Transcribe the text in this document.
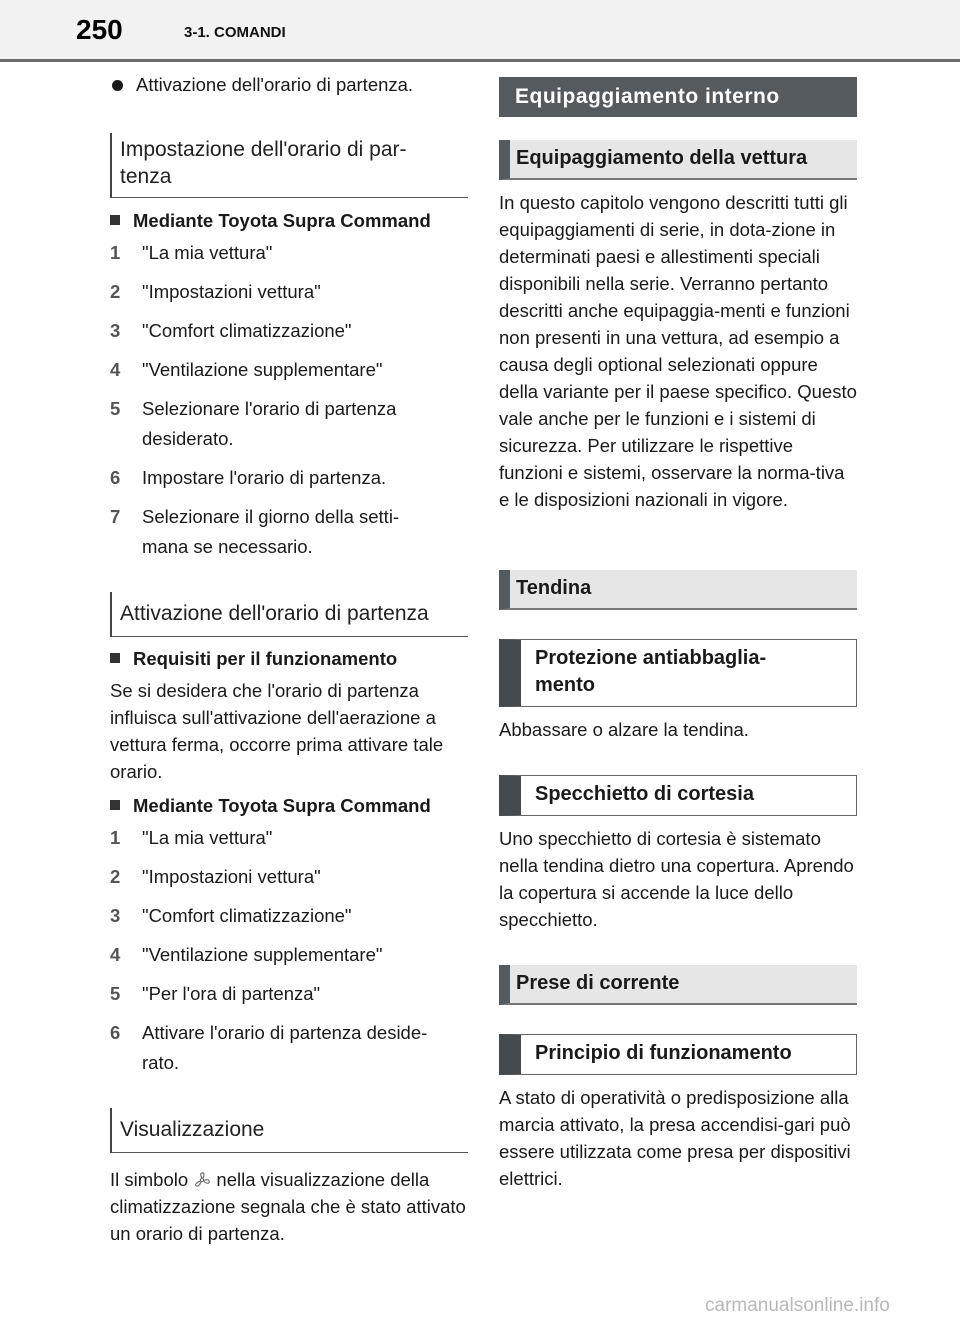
250	3-1. COMANDI
Attivazione dell'orario di partenza.
Impostazione dell'orario di par-
tenza
Mediante Toyota Supra Command
1 "La mia vettura"
2 "Impostazioni vettura"
3 "Comfort climatizzazione"
4 "Ventilazione supplementare"
5 Selezionare l'orario di partenza desiderato.
6 Impostare l'orario di partenza.
7 Selezionare il giorno della setti-
mana se necessario.
Attivazione dell'orario di partenza
Requisiti per il funzionamento
Se si desidera che l'orario di partenza influisca sull'attivazione dell'aerazione a vettura ferma, occorre prima attivare tale orario.
Mediante Toyota Supra Command
1 "La mia vettura"
2 "Impostazioni vettura"
3 "Comfort climatizzazione"
4 "Ventilazione supplementare"
5 "Per l'ora di partenza"
6 Attivare l'orario di partenza deside-
rato.
Visualizzazione
Il simbolo nella visualizzazione della climatizzazione segnala che è stato attivato un orario di partenza.
Equipaggiamento interno
Equipaggiamento della vettura
In questo capitolo vengono descritti tutti gli equipaggiamenti di serie, in dota-zione in determinati paesi e allestimenti speciali disponibili nella serie. Verranno pertanto descritti anche equipaggia-menti e funzioni non presenti in una vettura, ad esempio a causa degli optional selezionati oppure della variante per il paese specifico. Questo vale anche per le funzioni e i sistemi di sicurezza. Per utilizzare le rispettive funzioni e sistemi, osservare la norma-tiva e le disposizioni nazionali in vigore.
Tendina
Protezione antiabbaglia-
mento
Abbassare o alzare la tendina.
Specchietto di cortesia
Uno specchietto di cortesia è sistemato nella tendina dietro una copertura. Aprendo la copertura si accende la luce dello specchietto.
Prese di corrente
Principio di funzionamento
A stato di operatività o predisposizione alla marcia attivato, la presa accendisi-gari può essere utilizzata come presa per dispositivi elettrici.
carmanualsonline.info
